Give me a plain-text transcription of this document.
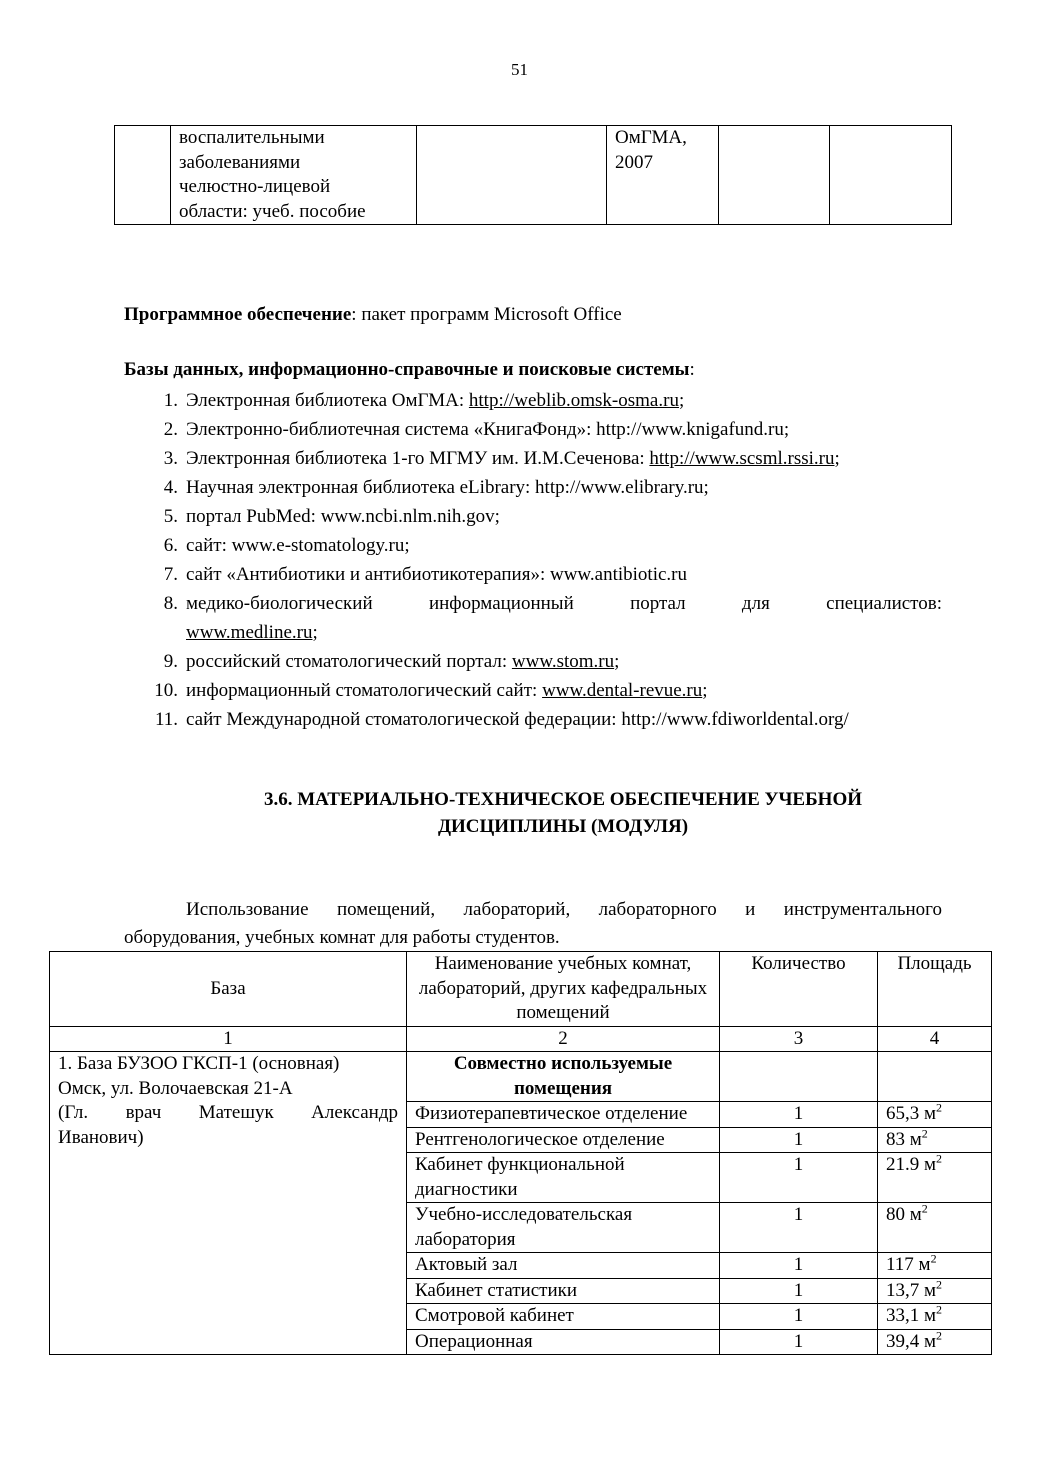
51
	воспалительными
заболеваниями
челюстно-лицевой
области: учеб. пособие		ОмГМА,
2007		
Программное обеспечение: пакет программ Microsoft Office
Базы данных, информационно-справочные и поисковые системы:
1. Электронная библиотека ОмГМА: http://weblib.omsk-osma.ru;
2. Электронно-библиотечная система «КнигаФонд»: http://www.knigafund.ru;
3. Электронная библиотека 1-го МГМУ им. И.М.Сеченова: http://www.scsml.rssi.ru;
4. Научная электронная библиотека eLibrary: http://www.elibrary.ru;
5. портал PubMed: www.ncbi.nlm.nih.gov;
6. сайт: www.e-stomatology.ru;
7. сайт «Антибиотики и антибиотикотерапия»: www.antibiotic.ru
8. медико-биологический информационный портал для специалистов:
www.medline.ru;
9. российский стоматологический портал: www.stom.ru;
10. информационный стоматологический сайт: www.dental-revue.ru;
11. сайт Международной стоматологической федерации: http://www.fdiworldental.org/
3.6. МАТЕРИАЛЬНО-ТЕХНИЧЕСКОЕ ОБЕСПЕЧЕНИЕ УЧЕБНОЙ
ДИСЦИПЛИНЫ (МОДУЛЯ)
Использование помещений, лабораторий, лабораторного и инструментального
оборудования, учебных комнат для работы студентов.
База	Наименование учебных комнат, лабораторий, других кафедральных помещений	Количество	Площадь
1	2	3	4

1. База БУЗОО ГКСП-1 (основная)
Омск, ул. Волочаевская 21-А
(Гл. врач Матешук Александр
Иванович)	Совместно используемые помещения		
	Физиотерапевтическое отделение	1	65,3 $м^2$
	Рентгенологическое отделение	1	83 $м^2$
	Кабинет функциональной диагностики	1	21.9 $м^2$
	Учебно-исследовательская лаборатория	1	80 $м^2$
	Актовый зал	1	117 $м^2$
	Кабинет статистики	1	13,7 $м^2$
	Смотровой кабинет	1	33,1 $м^2$
	Операционная	1	39,4 $м^2$
